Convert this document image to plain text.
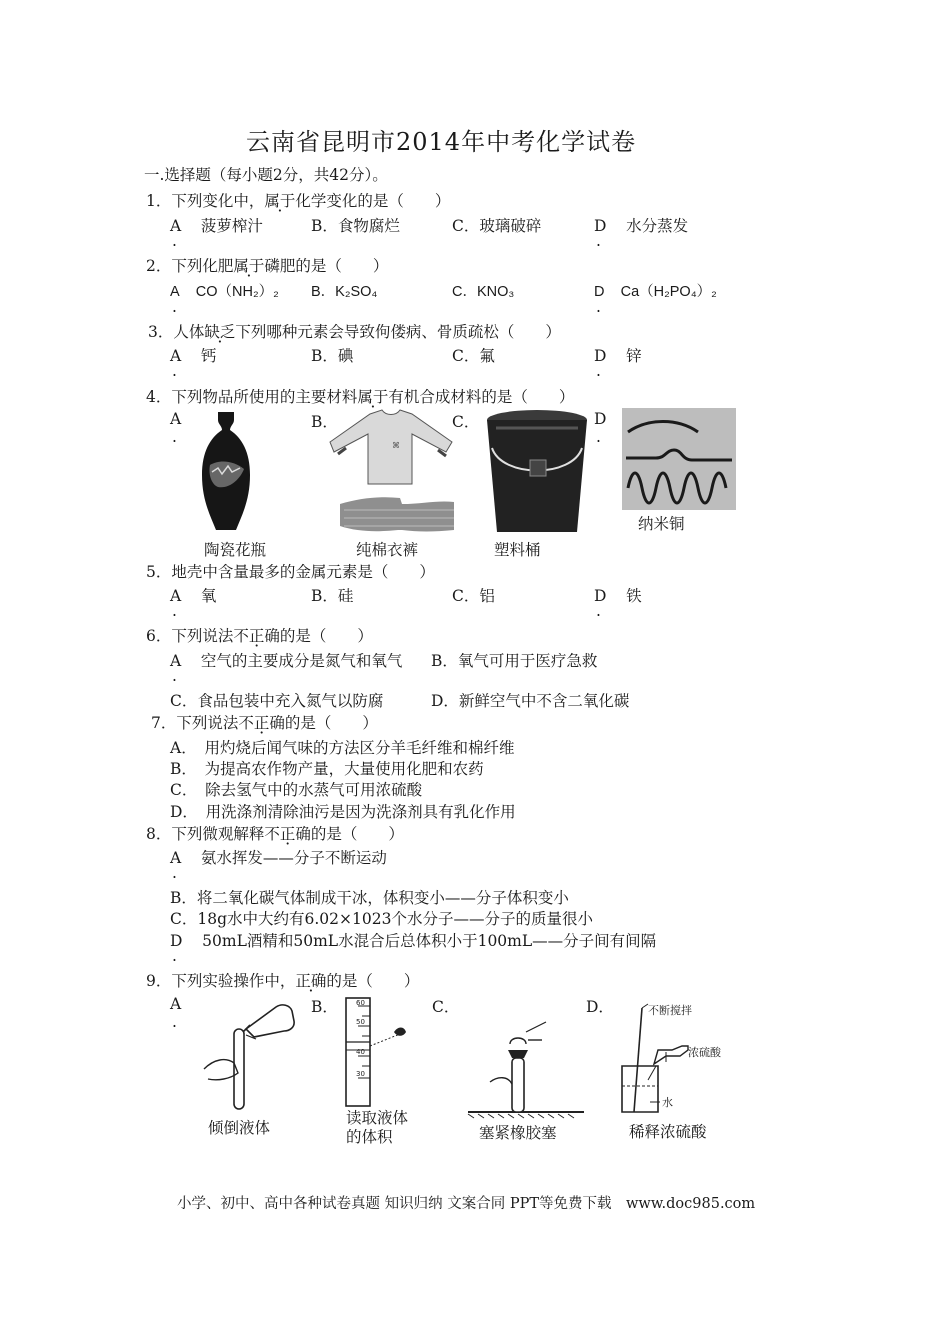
云南省昆明市2014年中考化学试卷
一.选择题（每小题2分，共42分）。
1．下列变化中，属于化学变化的是（　　）
A 菠萝榨汁
.
B．食物腐烂	C．玻璃破碎	D 水分蒸发
.
2．下列化肥属于磷肥的是（　　）
A CO（NH₂）₂
.
B．K₂SO₄	C．KNO₃	D Ca（H₂PO₄）₂
.
3．人体缺乏下列哪种元素会导致佝偻病、骨质疏松（　　）
A 钙
.
B．碘	C．氟	D 锌
.
4．下列物品所使用的主要材料属于有机合成材料的是（　　）
A
.
B．	C．	D
.
⌘
陶瓷花瓶	纯棉衣裤	塑料桶
纳米铜
5．地壳中含量最多的金属元素是（　　）
A 氧
.
B．硅	C．铝	D 铁
.
6．下列说法不正确的是（　　）
A 空气的主要成分是氮气和氧气
.
B．氧气可用于医疗急救
C．食品包装中充入氮气以防腐	D．新鲜空气中不含二氧化碳
7．下列说法不正确的是（　　）
A．　用灼烧后闻气味的方法区分羊毛纤维和棉纤维
B．　为提高农作物产量，大量使用化肥和农药
C．　除去氢气中的水蒸气可用浓硫酸
D．　用洗涤剂清除油污是因为洗涤剂具有乳化作用
8．下列微观解释不正确的是（　　）
A 氨水挥发——分子不断运动
.
B．将二氧化碳气体制成干冰，体积变小——分子体积变小
C．18g水中大约有6.02×1023个水分子——分子的质量很小
D 50mL酒精和50mL水混合后总体积小于100mL——分子间有间隔
.
9．下列实验操作中，正确的是（　　）
A
.
B．	C．	D．
60
50
40
30
不断搅拌
浓硫酸
水
倾倒液体
读取液体
的体积	塞紧橡胶塞	稀释浓硫酸
小学、初中、高中各种试卷真题 知识归纳 文案合同 PPT等免费下载　www.doc985.com
